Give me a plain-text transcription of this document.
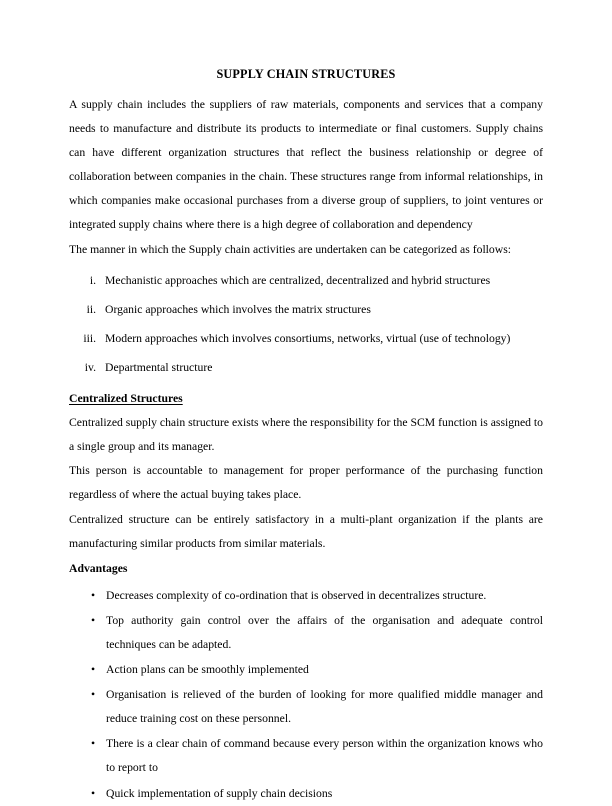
SUPPLY CHAIN STRUCTURES

A supply chain includes the suppliers of raw materials, components and services that a company needs to manufacture and distribute its products to intermediate or final customers. Supply chains can have different organization structures that reflect the business relationship or degree of collaboration between companies in the chain. These structures range from informal relationships, in which companies make occasional purchases from a diverse group of suppliers, to joint ventures or integrated supply chains where there is a high degree of collaboration and dependency

The manner in which the Supply chain activities are undertaken can be categorized as follows:

i. Mechanistic approaches which are centralized, decentralized and hybrid structures
ii. Organic approaches which involves the matrix structures
iii. Modern approaches which involves consortiums, networks, virtual (use of technology)
iv. Departmental structure
Centralized Structures

Centralized supply chain structure exists where the responsibility for the SCM function is assigned to a single group and its manager.

This person is accountable to management for proper performance of the purchasing function regardless of where the actual buying takes place.

Centralized structure can be entirely satisfactory in a multi-plant organization if the plants are manufacturing similar products from similar materials.

Advantages
• Decreases complexity of co-ordination that is observed in decentralizes structure.
• Top authority gain control over the affairs of the organisation and adequate control techniques can be adapted.
• Action plans can be smoothly implemented
• Organisation is relieved of the burden of looking for more qualified middle manager and reduce training cost on these personnel.
• There is a clear chain of command because every person within the organization knows who to report to
• Quick implementation of supply chain decisions
